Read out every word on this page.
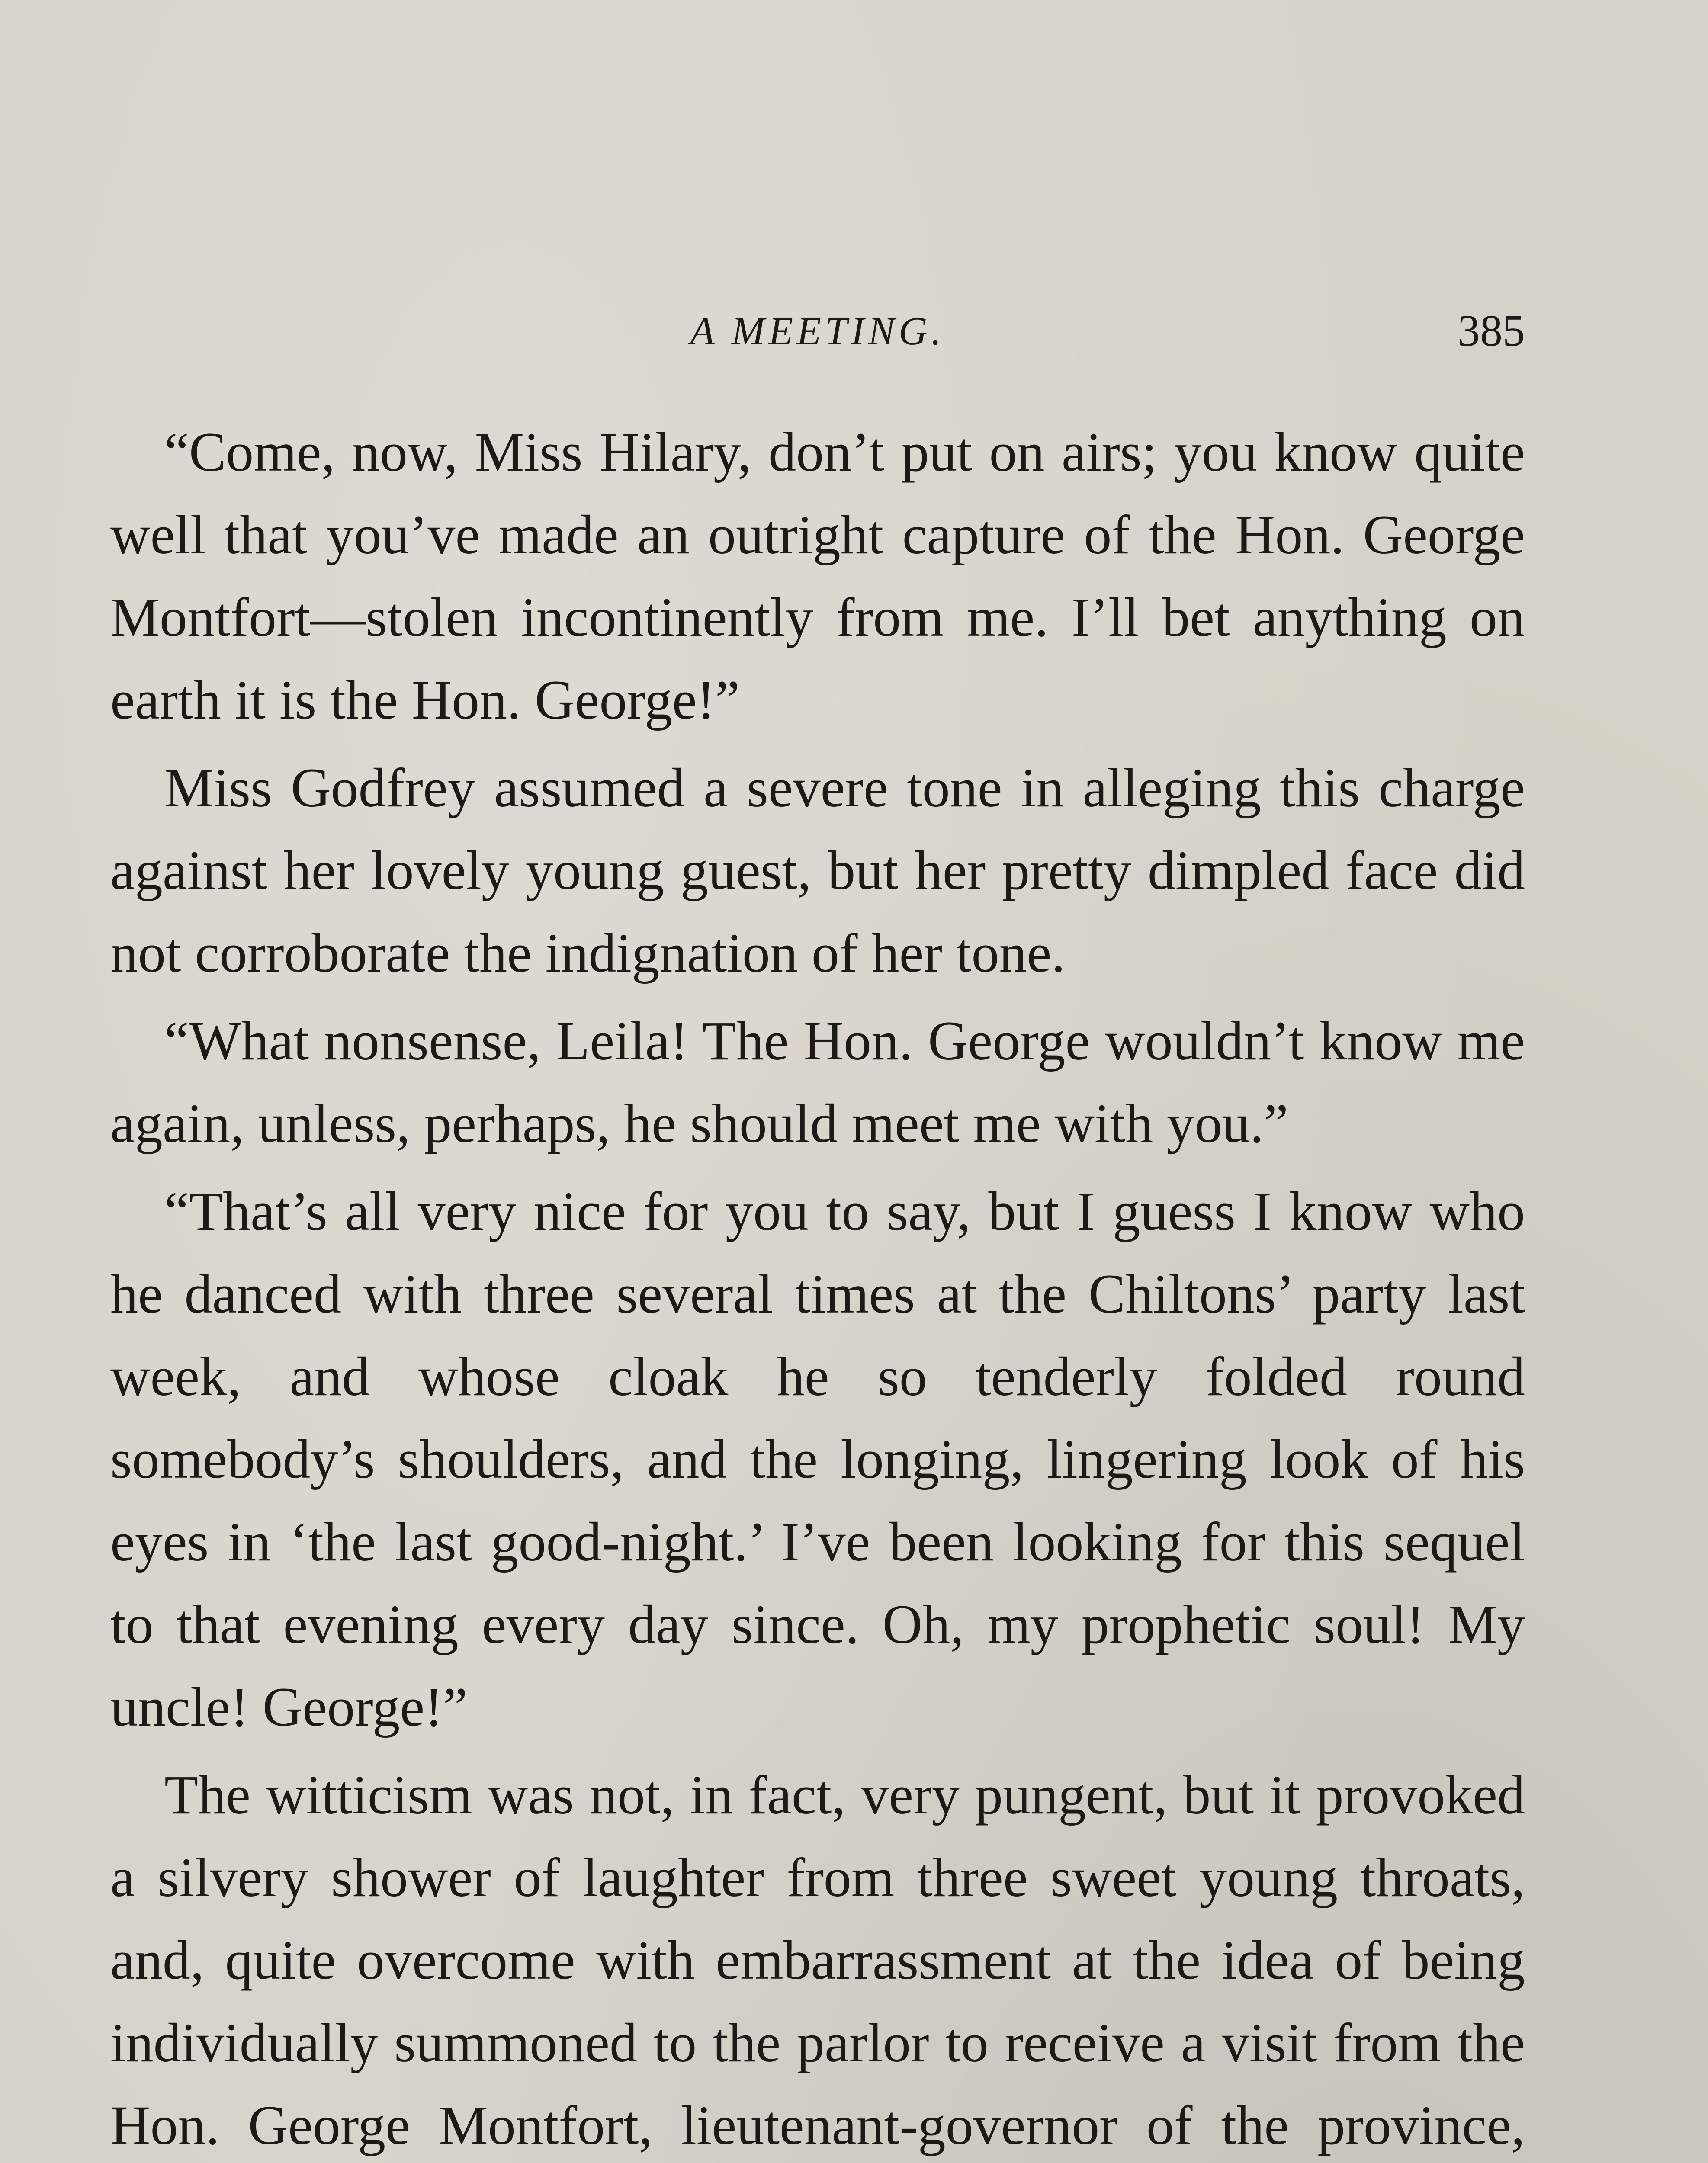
A MEETING.	385

“Come, now, Miss Hilary, don’t put on airs; you know quite well that you’ve made an outright capture of the Hon. George Montfort—stolen incontinently from me. I’ll bet anything on earth it is the Hon. George!”

Miss Godfrey assumed a severe tone in alleging this charge against her lovely young guest, but her pretty dimpled face did not corroborate the indignation of her tone.

“What nonsense, Leila! The Hon. George wouldn’t know me again, unless, perhaps, he should meet me with you.”

“That’s all very nice for you to say, but I guess I know who he danced with three several times at the Chiltons’ party last week, and whose cloak he so tenderly folded round somebody’s shoulders, and the longing, lingering look of his eyes in ‘the last good-night.’ I’ve been looking for this sequel to that evening every day since. Oh, my prophetic soul! My uncle! George!”

The witticism was not, in fact, very pungent, but it provoked a silvery shower of laughter from three sweet young throats, and, quite overcome with embarrassment at the idea of being individually summoned to the parlor to receive a visit from the Hon. George Montfort, lieutenant-governor of the province,
